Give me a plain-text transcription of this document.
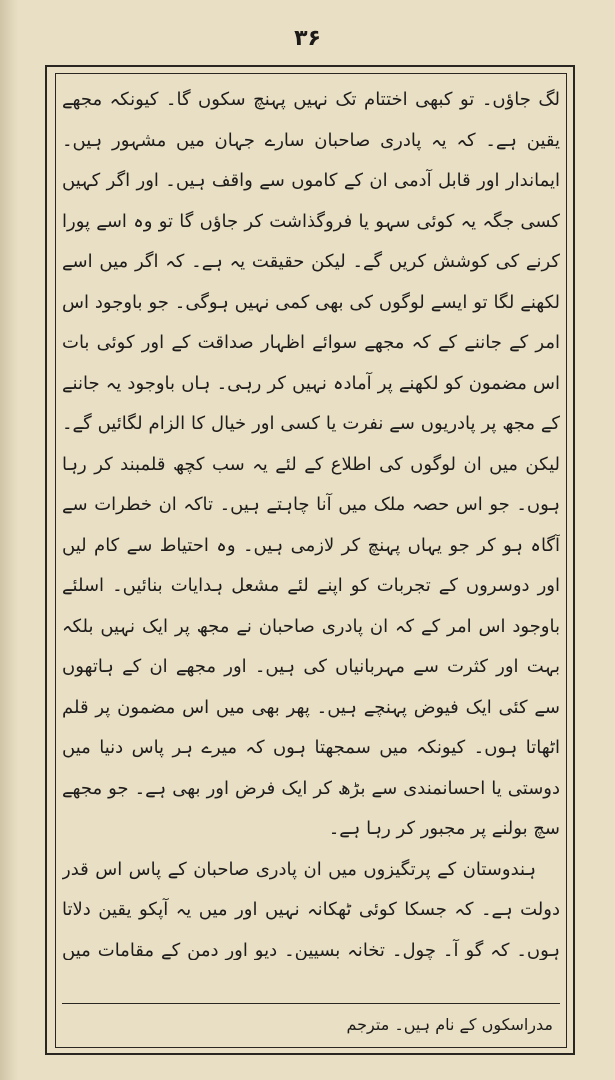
۳۶

لگ جاؤں۔ تو کبھی اختتام تک نہیں پہنچ سکوں گا۔ کیونکہ مجھے یقین ہے۔ کہ یہ پادری صاحبان سارے جہان میں مشہور ہیں۔ ایماندار اور قابل آدمی ان کے کاموں سے واقف ہیں۔ اور اگر کہیں کسی جگہ یہ کوئی سہو یا فروگذاشت کر جاؤں گا تو وہ اسے پورا کرنے کی کوشش کریں گے۔ لیکن حقیقت یہ ہے۔ کہ اگر میں اسے لکھنے لگا تو ایسے لوگوں کی بھی کمی نہیں ہوگی۔ جو باوجود اس امر کے جاننے کے کہ مجھے سوائے اظہار صداقت کے اور کوئی بات اس مضمون کو لکھنے پر آمادہ نہیں کر رہی۔ ہاں باوجود یہ جاننے کے مجھ پر پادریوں سے نفرت یا کسی اور خیال کا الزام لگائیں گے۔ لیکن میں ان لوگوں کی اطلاع کے لئے یہ سب کچھ قلمبند کر رہا ہوں۔ جو اس حصہ ملک میں آنا چاہتے ہیں۔ تاکہ ان خطرات سے آگاہ ہو کر جو یہاں پہنچ کر لازمی ہیں۔ وہ احتیاط سے کام لیں اور دوسروں کے تجربات کو اپنے لئے مشعل ہدایات بنائیں۔ اسلئے باوجود اس امر کے کہ ان پادری صاحبان نے مجھ پر ایک نہیں بلکہ بہت اور کثرت سے مہربانیاں کی ہیں۔ اور مجھے ان کے ہاتھوں سے کئی ایک فیوض پہنچے ہیں۔ پھر بھی میں اس مضمون پر قلم اٹھاتا ہوں۔ کیونکہ میں سمجھتا ہوں کہ میرے ہر پاس دنیا میں دوستی یا احسانمندی سے بڑھ کر ایک فرض اور بھی ہے۔ جو مجھے سچ بولنے پر مجبور کر رہا ہے۔

ہندوستان کے پرتگیزوں میں ان پادری صاحبان کے پاس اس قدر دولت ہے۔ کہ جسکا کوئی ٹھکانہ نہیں اور میں یہ آپکو یقین دلاتا ہوں۔ کہ گو آ۔ چول۔ تخانہ بسیین۔ دیو اور دمن کے مقامات میں

مدراسکوں کے نام ہیں۔ مترجم
